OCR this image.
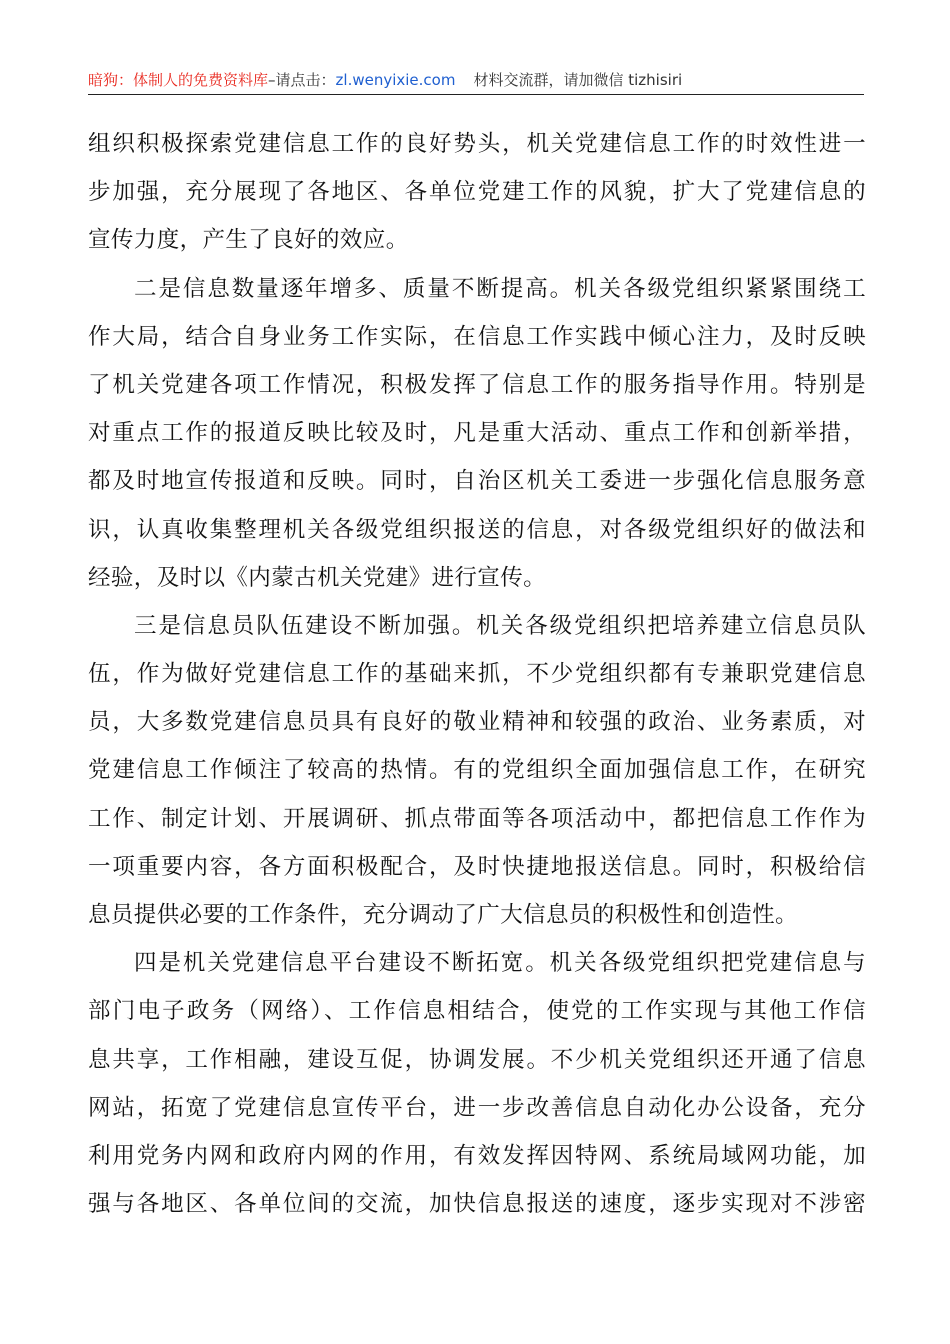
暗狗：体制人的免费资料库–请点击：zl.wenyixie.com 材料交流群，请加微信 tizhisiri
组织积极探索党建信息工作的良好势头，机关党建信息工作的时效性进一
步加强，充分展现了各地区、各单位党建工作的风貌，扩大了党建信息的
宣传力度，产生了良好的效应。
二是信息数量逐年增多、质量不断提高。机关各级党组织紧紧围绕工
作大局，结合自身业务工作实际，在信息工作实践中倾心注力，及时反映
了机关党建各项工作情况，积极发挥了信息工作的服务指导作用。特别是
对重点工作的报道反映比较及时，凡是重大活动、重点工作和创新举措，
都及时地宣传报道和反映。同时，自治区机关工委进一步强化信息服务意
识，认真收集整理机关各级党组织报送的信息，对各级党组织好的做法和
经验，及时以《内蒙古机关党建》进行宣传。
三是信息员队伍建设不断加强。机关各级党组织把培养建立信息员队
伍，作为做好党建信息工作的基础来抓，不少党组织都有专兼职党建信息
员，大多数党建信息员具有良好的敬业精神和较强的政治、业务素质，对
党建信息工作倾注了较高的热情。有的党组织全面加强信息工作，在研究
工作、制定计划、开展调研、抓点带面等各项活动中，都把信息工作作为
一项重要内容，各方面积极配合，及时快捷地报送信息。同时，积极给信
息员提供必要的工作条件，充分调动了广大信息员的积极性和创造性。
四是机关党建信息平台建设不断拓宽。机关各级党组织把党建信息与
部门电子政务（网络）、工作信息相结合，使党的工作实现与其他工作信
息共享，工作相融，建设互促，协调发展。不少机关党组织还开通了信息
网站，拓宽了党建信息宣传平台，进一步改善信息自动化办公设备，充分
利用党务内网和政府内网的作用，有效发挥因特网、系统局域网功能，加
强与各地区、各单位间的交流，加快信息报送的速度，逐步实现对不涉密
